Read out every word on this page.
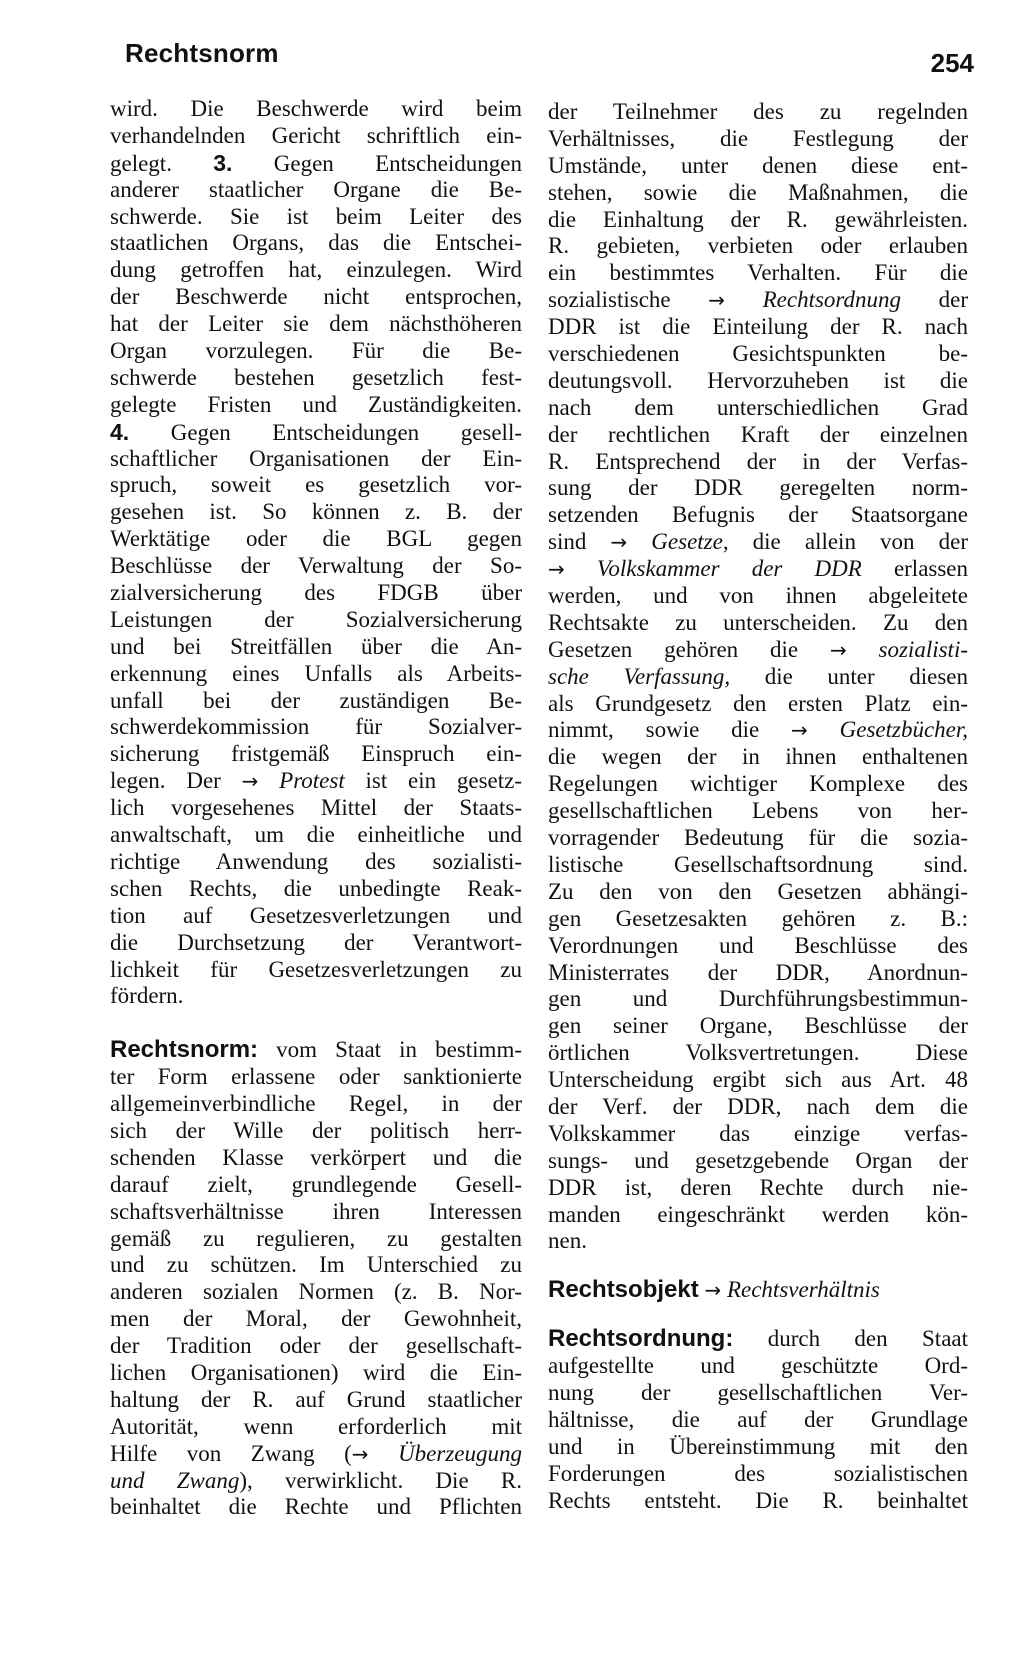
Rechtsnorm	254
wird. Die Beschwerde wird beim
verhandelnden Gericht schriftlich ein-
gelegt. 3. Gegen Entscheidungen
anderer staatlicher Organe die Be-
schwerde. Sie ist beim Leiter des
staatlichen Organs, das die Entschei-
dung getroffen hat, einzulegen. Wird
der Beschwerde nicht entsprochen,
hat der Leiter sie dem nächsthöheren
Organ vorzulegen. Für die Be-
schwerde bestehen gesetzlich fest-
gelegte Fristen und Zuständigkeiten.
4. Gegen Entscheidungen gesell-
schaftlicher Organisationen der Ein-
spruch, soweit es gesetzlich vor-
gesehen ist. So können z. B. der
Werktätige oder die BGL gegen
Beschlüsse der Verwaltung der So-
zialversicherung des FDGB über
Leistungen der Sozialversicherung
und bei Streitfällen über die An-
erkennung eines Unfalls als Arbeits-
unfall bei der zuständigen Be-
schwerdekommission für Sozialver-
sicherung fristgemäß Einspruch ein-
legen. Der → Protest ist ein gesetz-
lich vorgesehenes Mittel der Staats-
anwaltschaft, um die einheitliche und
richtige Anwendung des sozialisti-
schen Rechts, die unbedingte Reak-
tion auf Gesetzesverletzungen und
die Durchsetzung der Verantwort-
lichkeit für Gesetzesverletzungen zu
fördern.
Rechtsnorm: vom Staat in bestimm-
ter Form erlassene oder sanktionierte
allgemeinverbindliche Regel, in der
sich der Wille der politisch herr-
schenden Klasse verkörpert und die
darauf zielt, grundlegende Gesell-
schaftsverhältnisse ihren Interessen
gemäß zu regulieren, zu gestalten
und zu schützen. Im Unterschied zu
anderen sozialen Normen (z. B. Nor-
men der Moral, der Gewohnheit,
der Tradition oder der gesellschaft-
lichen Organisationen) wird die Ein-
haltung der R. auf Grund staatlicher
Autorität, wenn erforderlich mit
Hilfe von Zwang (→ Überzeugung
und Zwang), verwirklicht. Die R.
beinhaltet die Rechte und Pflichten
der Teilnehmer des zu regelnden
Verhältnisses, die Festlegung der
Umstände, unter denen diese ent-
stehen, sowie die Maßnahmen, die
die Einhaltung der R. gewährleisten.
R. gebieten, verbieten oder erlauben
ein bestimmtes Verhalten. Für die
sozialistische → Rechtsordnung der
DDR ist die Einteilung der R. nach
verschiedenen Gesichtspunkten be-
deutungsvoll. Hervorzuheben ist die
nach dem unterschiedlichen Grad
der rechtlichen Kraft der einzelnen
R. Entsprechend der in der Verfas-
sung der DDR geregelten norm-
setzenden Befugnis der Staatsorgane
sind → Gesetze, die allein von der
→ Volkskammer der DDR erlassen
werden, und von ihnen abgeleitete
Rechtsakte zu unterscheiden. Zu den
Gesetzen gehören die → sozialisti-
sche Verfassung, die unter diesen
als Grundgesetz den ersten Platz ein-
nimmt, sowie die → Gesetzbücher,
die wegen der in ihnen enthaltenen
Regelungen wichtiger Komplexe des
gesellschaftlichen Lebens von her-
vorragender Bedeutung für die sozia-
listische Gesellschaftsordnung sind.
Zu den von den Gesetzen abhängi-
gen Gesetzesakten gehören z. B.:
Verordnungen und Beschlüsse des
Ministerrates der DDR, Anordnun-
gen und Durchführungsbestimmun-
gen seiner Organe, Beschlüsse der
örtlichen Volksvertretungen. Diese
Unterscheidung ergibt sich aus Art. 48
der Verf. der DDR, nach dem die
Volkskammer das einzige verfas-
sungs- und gesetzgebende Organ der
DDR ist, deren Rechte durch nie-
manden eingeschränkt werden kön-
nen.
Rechtsobjekt → Rechtsverhältnis
Rechtsordnung: durch den Staat
aufgestellte und geschützte Ord-
nung der gesellschaftlichen Ver-
hältnisse, die auf der Grundlage
und in Übereinstimmung mit den
Forderungen des sozialistischen
Rechts entsteht. Die R. beinhaltet
